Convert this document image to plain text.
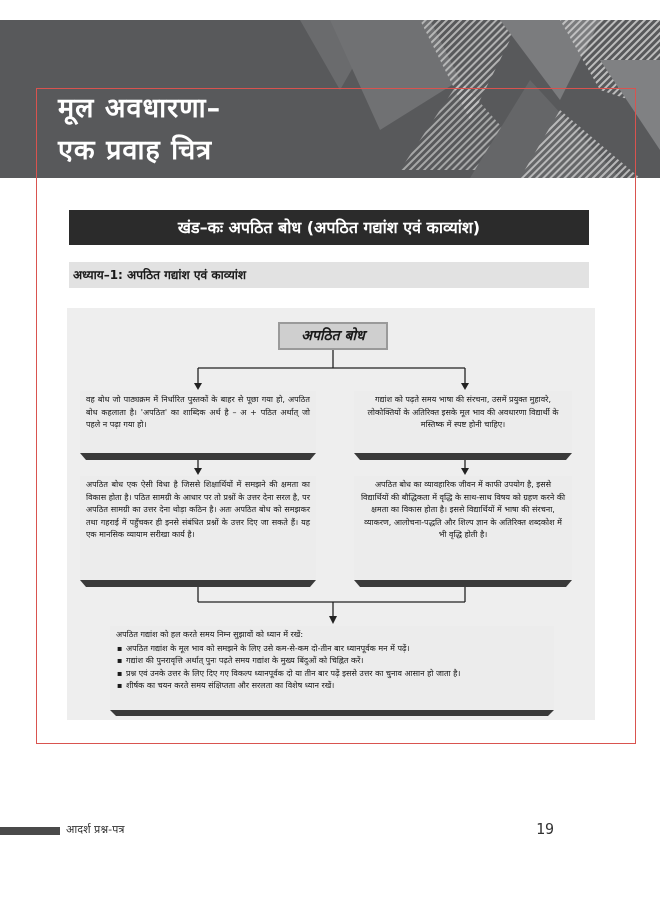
मूल अवधारणा–
एक प्रवाह चित्र
खंड–कः अपठित बोध (अपठित गद्यांश एवं काव्यांश)
अध्याय–1: अपठित गद्यांश एवं काव्यांश
अपठित बोध
वह बोध जो पाठ्यक्रम में निर्धारित पुस्तकों के बाहर से पूछा गया हो, अपठित बोध कहलाता है। 'अपठित' का शाब्दिक अर्थ है – अ + पठित अर्थात् जो पहले न पढ़ा गया हो।
गद्यांश को पढ़ते समय भाषा की संरचना, उसमें प्रयुक्त मुहावरे, लोकोक्तियों के अतिरिक्त इसके मूल भाव की अवधारणा विद्यार्थी के मस्तिष्क में स्पष्ट होनी चाहिए।
अपठित बोध एक ऐसी विधा है जिससे शिक्षार्थियों में समझने की क्षमता का विकास होता है। पठित सामग्री के आधार पर तो प्रश्नों के उत्तर देना सरल है, पर अपठित सामग्री का उत्तर देना थोड़ा कठिन है। अतः अपठित बोध को समझकर तथा गहराई में पहुँचकर ही इनसे संबंधित प्रश्नों के उत्तर दिए जा सकते हैं। यह एक मानसिक व्यायाम सरीखा कार्य है।
अपठित बोध का व्यावहारिक जीवन में काफी उपयोग है, इससे विद्यार्थियों की बौद्धिकता में वृद्धि के साथ-साथ विषय को ग्रहण करने की क्षमता का विकास होता है। इससे विद्यार्थियों में भाषा की संरचना, व्याकरण, आलोचना-पद्धति और शिल्प ज्ञान के अतिरिक्त शब्दकोश में भी वृद्धि होती है।
अपठित गद्यांश को हल करते समय निम्न सुझावों को ध्यान में रखें:
▪ अपठित गद्यांश के मूल भाव को समझने के लिए उसे कम-से-कम दो-तीन बार ध्यानपूर्वक मन में पढ़ें।
▪ गद्यांश की पुनरावृत्ति अर्थात् पुनः पढ़ते समय गद्यांश के मुख्य बिंदुओं को चिह्नित करें।
▪ प्रश्न एवं उनके उत्तर के लिए दिए गए विकल्प ध्यानपूर्वक दो या तीन बार पढ़ें इससे उत्तर का चुनाव आसान हो जाता है।
▪ शीर्षक का चयन करते समय संक्षिप्तता और सरलता का विशेष ध्यान रखें।
आदर्श प्रश्न-पत्र	19
